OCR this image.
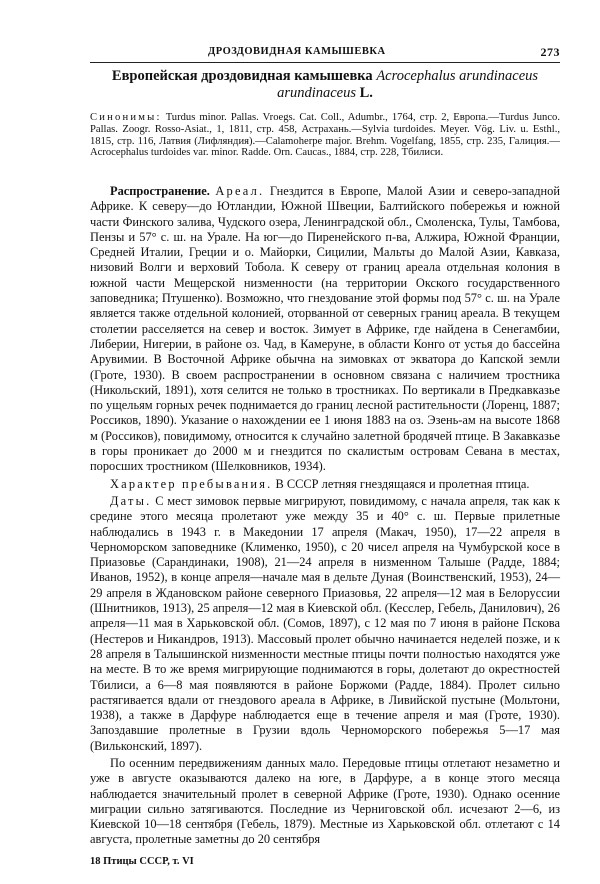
ДРОЗДОВИДНАЯ КАМЫШЕВКА	273
Европейская дроздовидная камышевка Acrocephalus arundinaceus arundinaceus L.
Синонимы: Turdus minor. Pallas. Vroegs. Cat. Coll., Adumbr., 1764, стр. 2, Европа.—Turdus Junco. Pallas. Zoogr. Rosso-Asiat., 1, 1811, стр. 458, Астрахань.—Sylvia turdoides. Meyer. Vög. Liv. u. Esthl., 1815, стр. 116, Латвия (Лифляндия).—Calamoherpe major. Brehm. Vogelfang, 1855, стр. 235, Галиция.—Acrocephalus turdoides var. minor. Radde. Orn. Caucas., 1884, стр. 228, Тбилиси.

Распространение. Ареал. Гнездится в Европе, Малой Азии и северо-западной Африке. К северу—до Ютландии, Южной Швеции, Балтийского побережья и южной части Финского залива, Чудского озера, Ленинградской обл., Смоленска, Тулы, Тамбова, Пензы и 57° с. ш. на Урале. На юг—до Пиренейского п-ва, Алжира, Южной Франции, Средней Италии, Греции и о. Майорки, Сицилии, Мальты до Малой Азии, Кавказа, низовий Волги и верховий Тобола. К северу от границ ареала отдельная колония в южной части Мещерской низменности (на территории Окского государственного заповедника; Птушенко). Возможно, что гнездование этой формы под 57° с. ш. на Урале является также отдельной колонией, оторванной от северных границ ареала. В текущем столетии расселяется на север и восток. Зимует в Африке, где найдена в Сенегамбии, Либерии, Нигерии, в районе оз. Чад, в Камеруне, в области Конго от устья до бассейна Арувимии. В Восточной Африке обычна на зимовках от экватора до Капской земли (Гроте, 1930). В своем распространении в основном связана с наличием тростника (Никольский, 1891), хотя селится не только в тростниках. По вертикали в Предкавказье по ущельям горных речек поднимается до границ лесной растительности (Лоренц, 1887; Россиков, 1890). Указание о нахождении ее 1 июня 1883 на оз. Эзень-ам на высоте 1868 м (Россиков), повидимому, относится к случайно залетной бродячей птице. В Закавказье в горы проникает до 2000 м и гнездится по скалистым островам Севана в местах, поросших тростником (Шелковников, 1934).

Характер пребывания. В СССР летняя гнездящаяся и пролетная птица.

Даты. С мест зимовок первые мигрируют, повидимому, с начала апреля, так как к средине этого месяца пролетают уже между 35 и 40° с. ш. Первые прилетные наблюдались в 1943 г. в Македонии 17 апреля (Макач, 1950), 17—22 апреля в Черноморском заповеднике (Клименко, 1950), с 20 чисел апреля на Чумбурской косе в Приазовье (Сарандинаки, 1908), 21—24 апреля в низменном Талыше (Радде, 1884; Иванов, 1952), в конце апреля—начале мая в дельте Дуная (Воинственский, 1953), 24—29 апреля в Ждановском районе северного Приазовья, 22 апреля—12 мая в Белоруссии (Шнитников, 1913), 25 апреля—12 мая в Киевской обл. (Кесслер, Гебель, Данилович), 26 апреля—11 мая в Харьковской обл. (Сомов, 1897), с 12 мая по 7 июня в районе Пскова (Нестеров и Никандров, 1913). Массовый пролет обычно начинается неделей позже, и к 28 апреля в Талышинской низменности местные птицы почти полностью находятся уже на месте. В то же время мигрирующие поднимаются в горы, долетают до окрестностей Тбилиси, а 6—8 мая появляются в районе Боржоми (Радде, 1884). Пролет сильно растягивается вдали от гнездового ареала в Африке, в Ливийской пустыне (Мольтони, 1938), а также в Дарфуре наблюдается еще в течение апреля и мая (Гроте, 1930). Запоздавшие пролетные в Грузии вдоль Черноморского побережья 5—17 мая (Вильконский, 1897).

По осенним передвижениям данных мало. Передовые птицы отлетают незаметно и уже в августе оказываются далеко на юге, в Дарфуре, а в конце этого месяца наблюдается значительный пролет в северной Африке (Гроте, 1930). Однако осенние миграции сильно затягиваются. Последние из Черниговской обл. исчезают 2—6, из Киевской 10—18 сентября (Гебель, 1879). Местные из Харьковской обл. отлетают с 14 августа, пролетные заметны до 20 сентября

18 Птицы СССР, т. VI
